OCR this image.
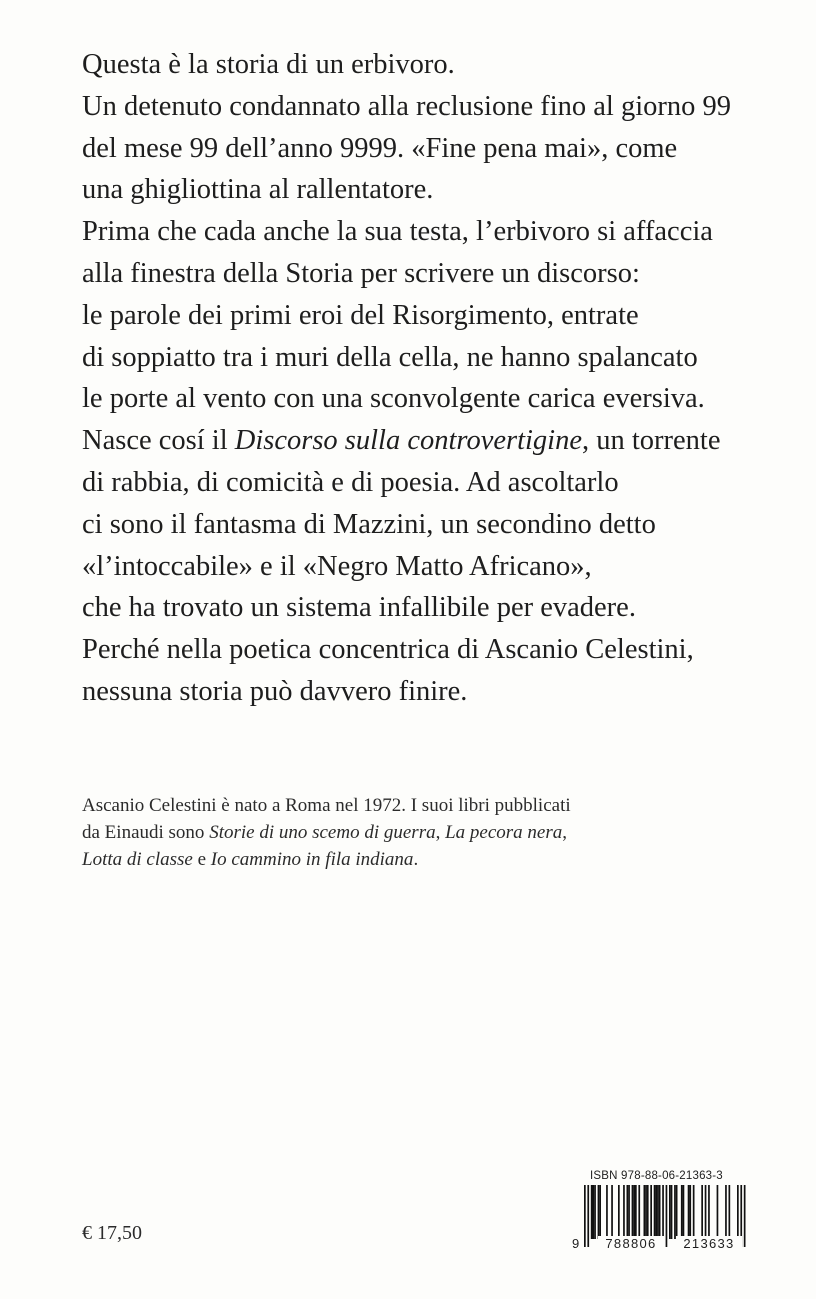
Questa è la storia di un erbivoro.
Un detenuto condannato alla reclusione fino al giorno 99
del mese 99 dell’anno 9999. «Fine pena mai», come
una ghigliottina al rallentatore.
Prima che cada anche la sua testa, l’erbivoro si affaccia
alla finestra della Storia per scrivere un discorso:
le parole dei primi eroi del Risorgimento, entrate
di soppiatto tra i muri della cella, ne hanno spalancato
le porte al vento con una sconvolgente carica eversiva.
Nasce cosí il Discorso sulla controvertigine, un torrente
di rabbia, di comicità e di poesia. Ad ascoltarlo
ci sono il fantasma di Mazzini, un secondino detto
«l’intoccabile» e il «Negro Matto Africano»,
che ha trovato un sistema infallibile per evadere.
Perché nella poetica concentrica di Ascanio Celestini,
nessuna storia può davvero finire.
Ascanio Celestini è nato a Roma nel 1972. I suoi libri pubblicati
da Einaudi sono Storie di uno scemo di guerra, La pecora nera,
Lotta di classe e Io cammino in fila indiana.
€ 17,50
ISBN 978-88-06-21363-3
9	788806	213633
